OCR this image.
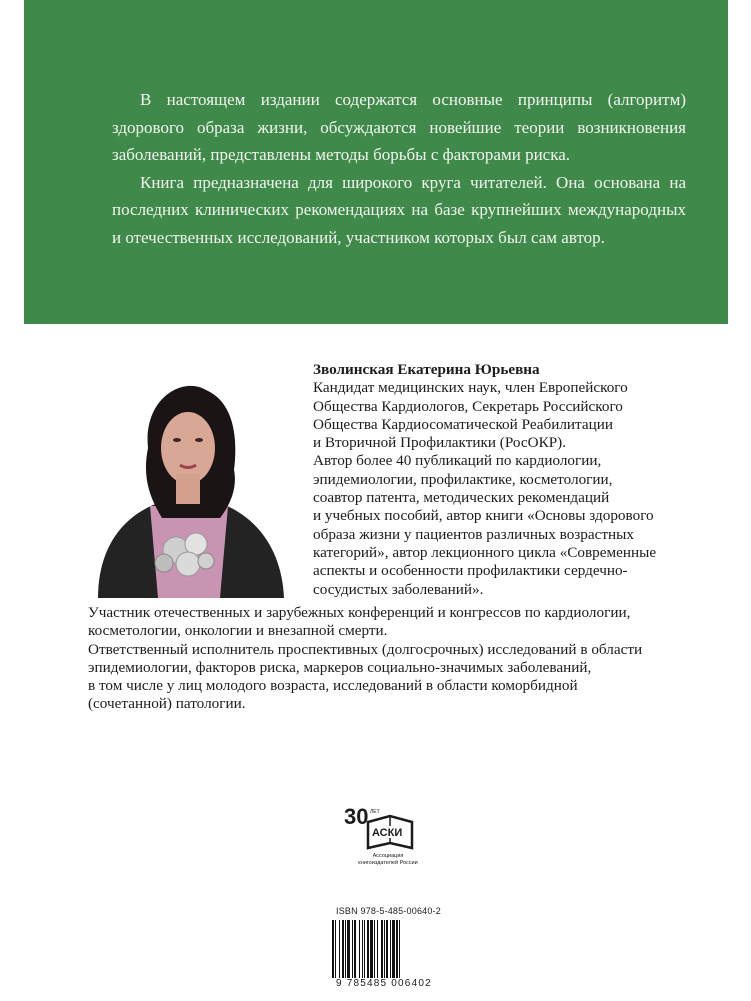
В настоящем издании содержатся основные принципы (алгоритм) здорового образа жизни, обсуждаются новейшие теории возникновения заболеваний, представлены методы борьбы с факторами риска.

Книга предназначена для широкого круга читателей. Она основана на последних клинических рекомендациях на базе крупнейших международных и отечественных исследований, участником которых был сам автор.

Зволинская Екатерина Юрьевна
Кандидат медицинских наук, член Европейского
Общества Кардиологов, Секретарь Российского
Общества Кардиосоматической Реабилитации
и Вторичной Профилактики (РосОКР).
Автор более 40 публикаций по кардиологии,
эпидемиологии, профилактике, косметологии,
соавтор патента, методических рекомендаций
и учебных пособий, автор книги «Основы здорового
образа жизни у пациентов различных возрастных
категорий», автор лекционного цикла «Современные
аспекты и особенности профилактики сердечно-
сосудистых заболеваний».
Участник отечественных и зарубежных конференций и конгрессов по кардиологии,
косметологии, онкологии и внезапной смерти.
Ответственный исполнитель проспективных (долгосрочных) исследований в области
эпидемиологии, факторов риска, маркеров социально-значимых заболеваний,
в том числе у лиц молодого возраста, исследований в области коморбидной
(сочетанной) патологии.
30 ЛЕТ
АСКИ
Ассоциация
книгоиздателей России
ISBN 978-5-485-00640-2
9 785485 006402
